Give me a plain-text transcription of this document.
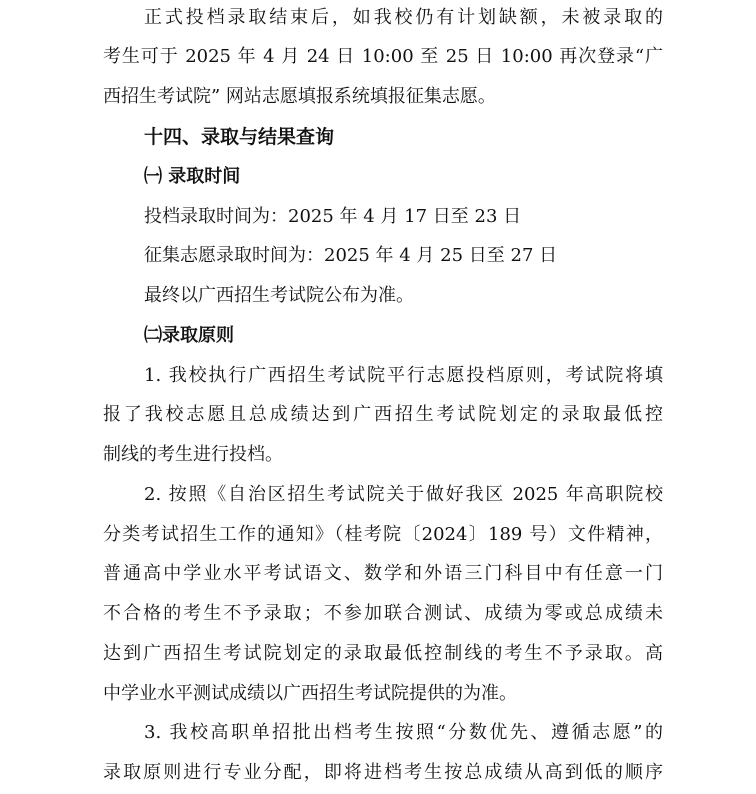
正式投档录取结束后，如我校仍有计划缺额，未被录取的
考生可于 2025 年 4 月 24 日 10:00 至 25 日 10:00 再次登录“广
西招生考试院” 网站志愿填报系统填报征集志愿。
十四、录取与结果查询
㈠ 录取时间
投档录取时间为：2025 年 4 月 17 日至 23 日
征集志愿录取时间为：2025 年 4 月 25 日至 27 日
最终以广西招生考试院公布为准。
㈡录取原则
1. 我校执行广西招生考试院平行志愿投档原则，考试院将填
报了我校志愿且总成绩达到广西招生考试院划定的录取最低控
制线的考生进行投档。
2. 按照《自治区招生考试院关于做好我区 2025 年高职院校
分类考试招生工作的通知》（桂考院〔2024〕189 号）文件精神，
普通高中学业水平考试语文、数学和外语三门科目中有任意一门
不合格的考生不予录取；不参加联合测试、成绩为零或总成绩未
达到广西招生考试院划定的录取最低控制线的考生不予录取。高
中学业水平测试成绩以广西招生考试院提供的为准。
3. 我校高职单招批出档考生按照“分数优先、遵循志愿”的
录取原则进行专业分配，即将进档考生按总成绩从高到低的顺序
